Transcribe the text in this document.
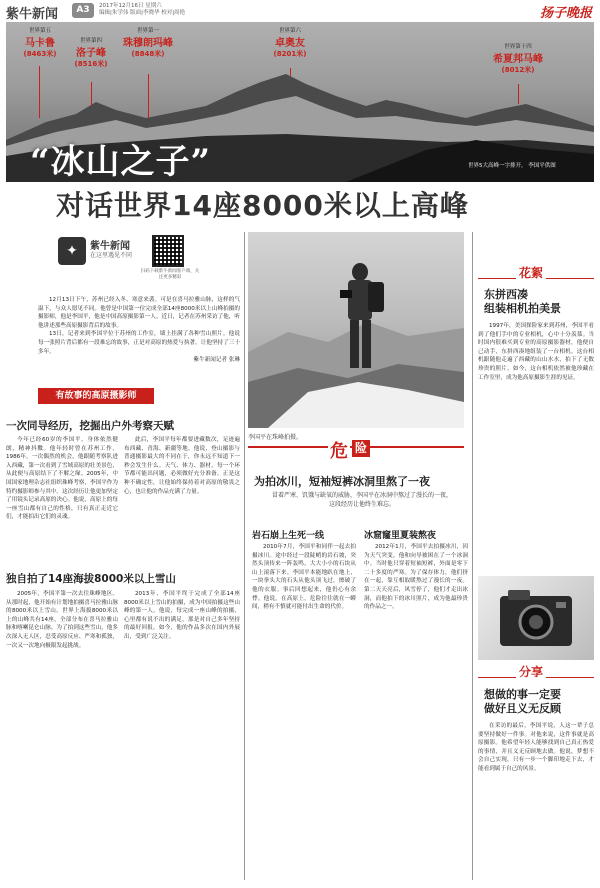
紫牛新闻	A3	2017年12月16日 星期六
编辑|朱学伟 版面|李晓华 校对|周艳	扬子晚报
世界第五
马卡鲁
(8463米)
世界第四
洛子峰
(8516米)
世界第一
珠穆朗玛峰
(8848米)
世界第六
卓奥友
(8201米)
世界第十四
希夏邦马峰
(8012米)
世界5大高峰一字排开。 李国平供图
“冰山之子”
对话世界14座8000米以上高峰
✦	紫牛新闻
在这里遇见不同
扫码下载紫牛新闻客户端，关注更多精彩

12月13日下午，苏州已经入冬、寒意来袭。可是在喜马拉雅山脉，这样的气温下，与众人愿见不同。他曾是中国第一位完成全部14座8000米以上山峰拍摄的摄影师，他是李国平，他是中国高原摄影第一人。近日，记者在苏州采访了他，听他讲述那些高原摄影背后的故事。

13日，记者来到李国平位于苏州的工作室，墙上挂满了各种雪山照片。他说每一张照片背后都有一段难忘的故事，正是对高原的热爱与执著，让他坚持了三十多年。

紫牛新闻记者 张琳

有故事的高原摄影师
一次同导经历，挖掘出户外考察天赋

今年已经60岁的李国平，身体依然健朗，精神抖擞。他年轻时曾在苏州工作，1986年，一次偶然的机会，他跟随考察队进入西藏，第一次看到了雪域高原的壮美景色，从此便与高原结下了不解之缘。2005年，中国国家地理杂志社组织珠峰考察，李国平作为特约摄影师参与其中。这次经历让他更加坚定了用镜头记录高原的决心。他说，高原上的每一座雪山都有自己的性格，只有真正走近它们，才能拍出它们的灵魂。

此后，李国平每年都要进藏数次，足迹遍布西藏、青海、新疆等地。他说，登山摄影与普通摄影最大的不同在于，你永远不知道下一秒会发生什么。天气、体力、器材，每一个环节都可能出问题，必须做好充分准备。正是这种不确定性，让他始终保持着对高原的敬畏之心，也让他的作品充满了力量。

独自拍了14座海拔8000米以上雪山

2005年，李国平第一次去往珠峰地区。从那时起，他开始有计划地拍摄喜马拉雅山脉的8000米以上雪山。世界上海拔8000米以上的山峰共有14座，全部分布在喜马拉雅山脉和喀喇昆仑山脉。为了拍到这些雪山，他多次深入无人区，忍受高原反应、严寒和孤独，一次又一次地向极限发起挑战。

2013年，李国平终于完成了全部14座8000米以上雪山的拍摄，成为中国拍摄这些山峰的第一人。他说，每完成一座山峰的拍摄，心里都有说不出的满足，那是对自己多年坚持的最好回报。如今，他的作品多次在国内外展出，受到广泛关注。

李国平在珠峰拍摄。
危 险
为拍冰川，短袖短裤冰洞里熬了一夜
冒着严寒、饥饿与缺氧的威胁，李国平在冰洞中熬过了漫长的一夜，这段经历让他终生难忘。
岩石崩上生死一线

2010年7月，李国平和同伴一起去拍摄冰川。途中经过一段陡峭的岩石坡，突然头顶传来一阵轰鸣，大大小小的石块从山上滚落下来。李国平本能地趴在地上，一块拳头大的石头从他头顶飞过，擦破了他的衣服。事后回想起来，他仍心有余悸。他说，在高原上，危险往往就在一瞬间，稍有不慎就可能付出生命的代价。

冰窟窿里夏装熬夜

2012年1月，李国平去拍摄冰川，因为天气突变，他和向导被困在了一个冰洞中。当时他只穿着短袖短裤，外面是零下二十多度的严寒。为了保存体力，他们挤在一起，靠互相取暖熬过了漫长的一夜。第二天天亮后，风雪停了，他们才走出冰洞，而他拍下的冰川照片，成为他最珍贵的作品之一。

花絮
东拼西凑
组装相机拍美景

1997年，美国探险家来到苏州，李国平看到了他们手中的专业相机，心中十分羡慕。当时国内很难买到专业的高原摄影器材，他便自己动手，东拼西凑地组装了一台相机。这台相机跟随他走遍了西藏的山山水水，拍下了无数珍贵的照片。如今，这台相机依然被他珍藏在工作室里，成为他高原摄影生涯的见证。

分享
想做的事一定要
做好且义无反顾

在采访的最后，李国平说，人这一辈子总要坚持做好一件事。对他来说，这件事就是高原摄影。他希望年轻人能够找到自己真正热爱的事情，并且义无反顾地去做。他说，梦想不会自己实现，只有一步一个脚印地走下去，才能看到属于自己的风景。
